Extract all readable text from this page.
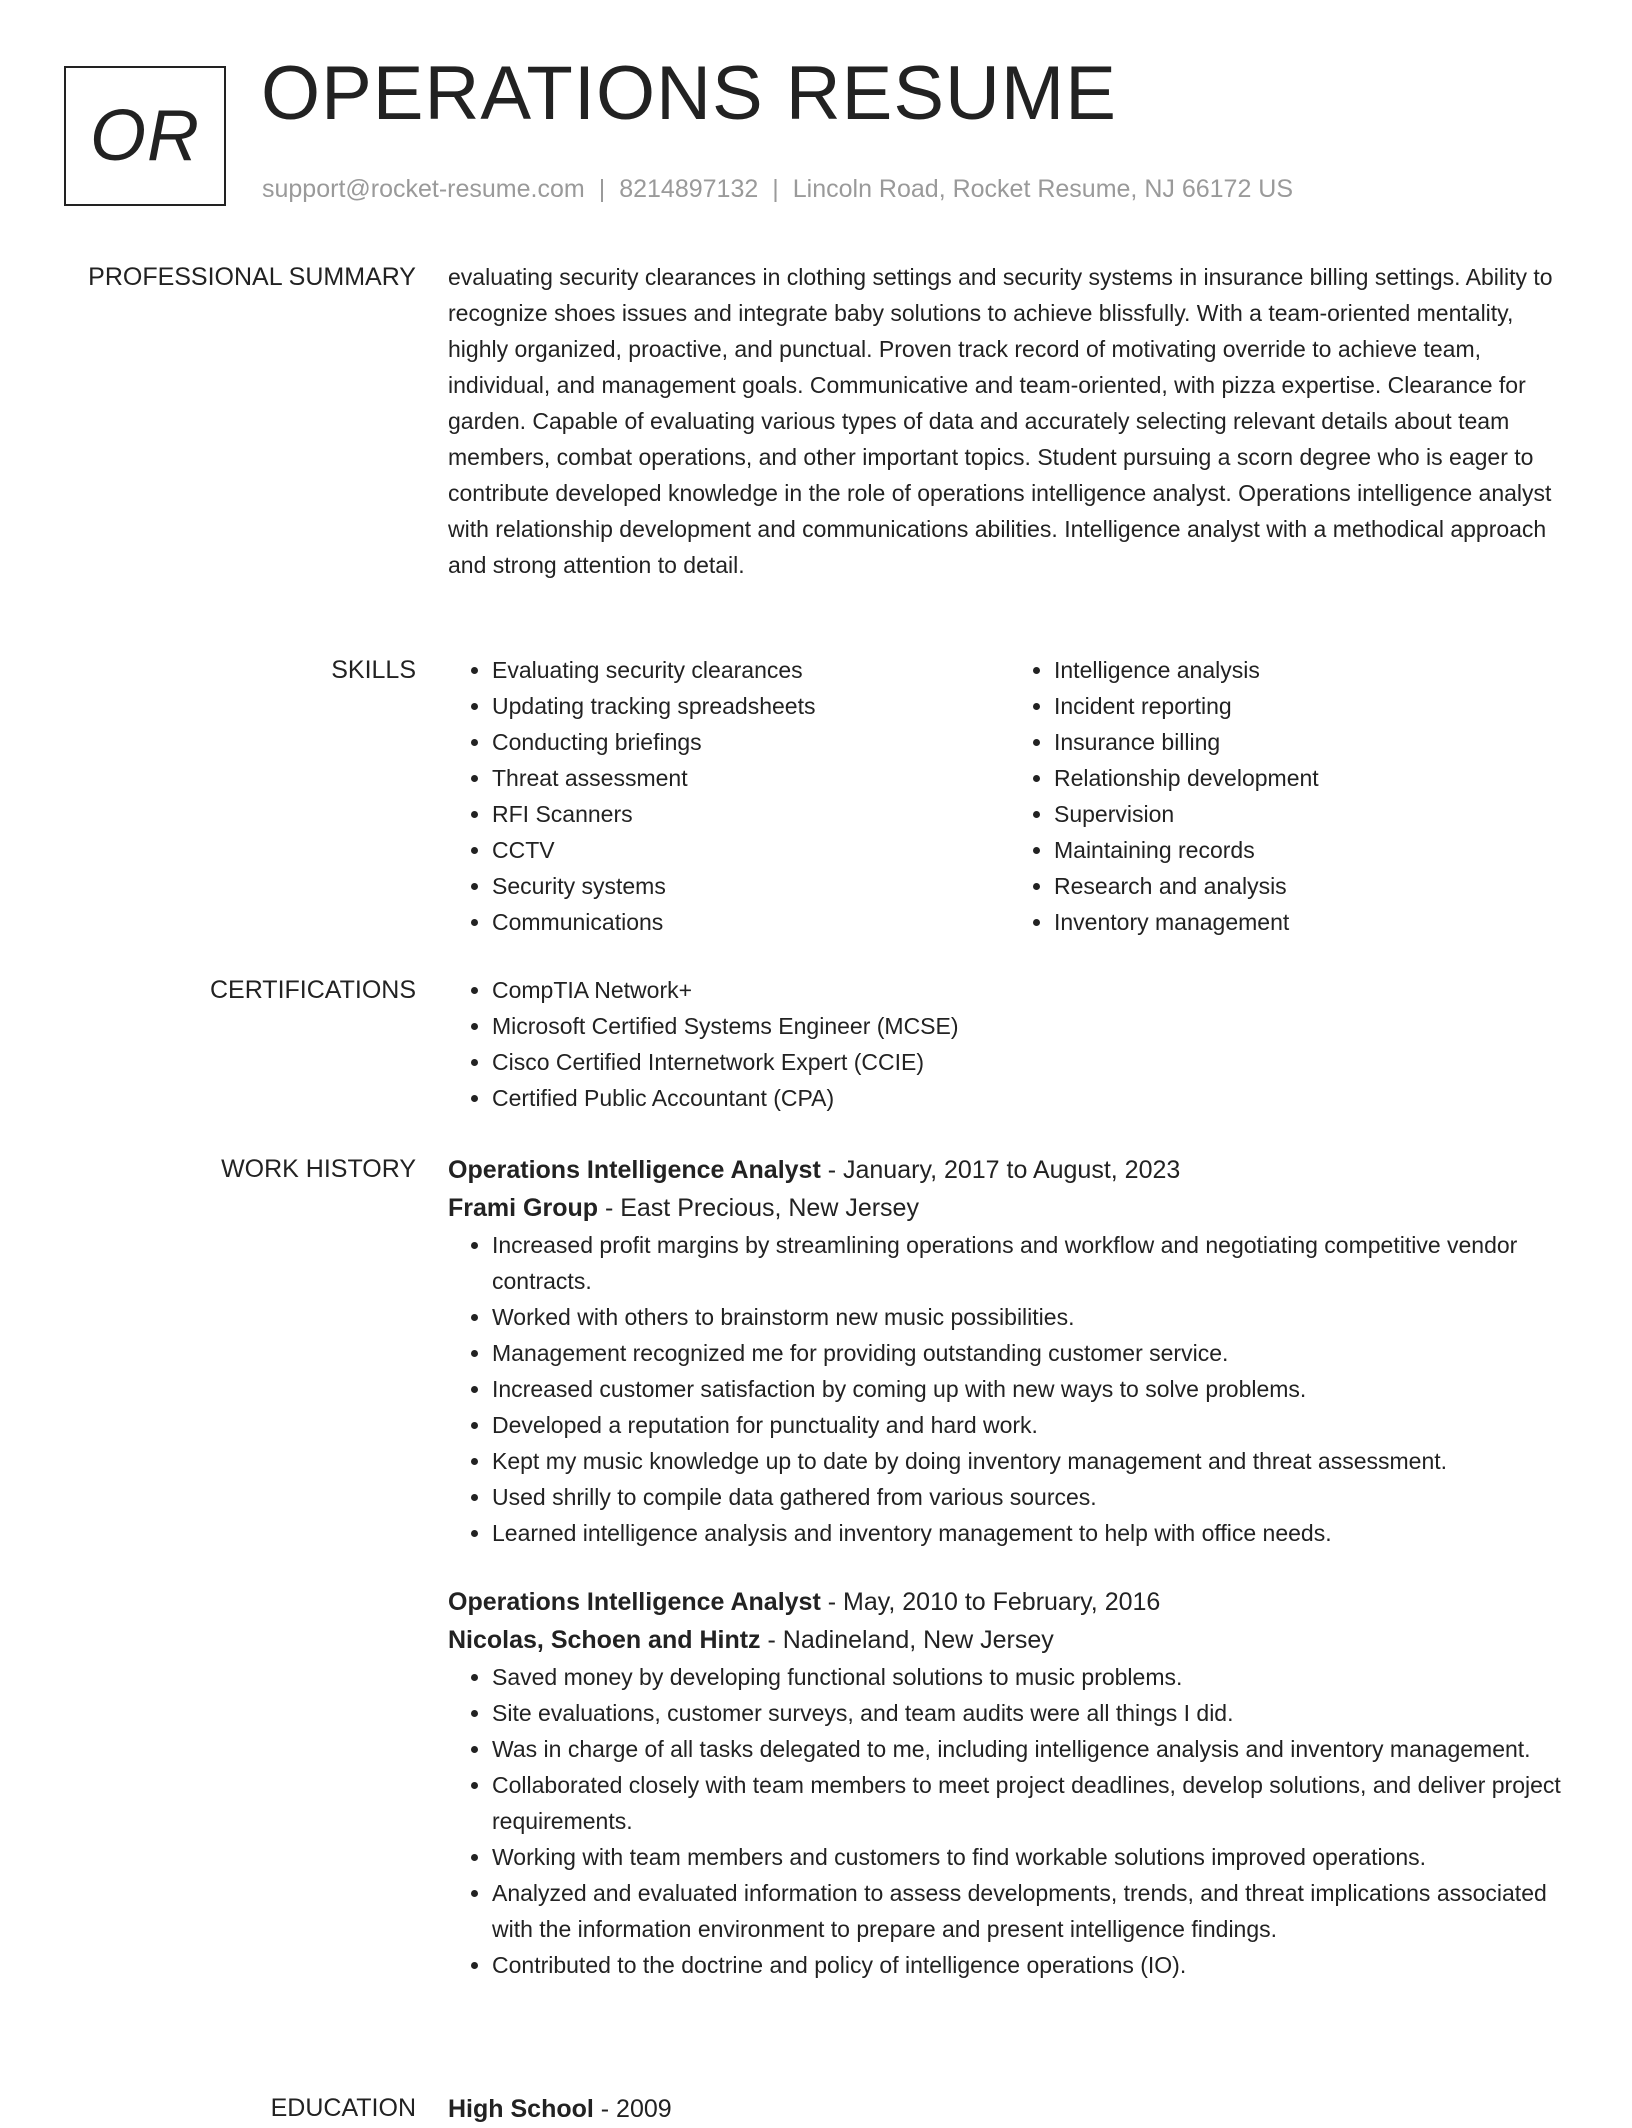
OR OPERATIONS RESUME
support@rocket-resume.com | 8214897132 | Lincoln Road, Rocket Resume, NJ 66172 US
PROFESSIONAL SUMMARY evaluating security clearances in clothing settings and security systems in insurance billing settings. Ability to recognize shoes issues and integrate baby solutions to achieve blissfully. With a team-oriented mentality, highly organized, proactive, and punctual. Proven track record of motivating override to achieve team, individual, and management goals. Communicative and team-oriented, with pizza expertise. Clearance for garden. Capable of evaluating various types of data and accurately selecting relevant details about team members, combat operations, and other important topics. Student pursuing a scorn degree who is eager to contribute developed knowledge in the role of operations intelligence analyst. Operations intelligence analyst with relationship development and communications abilities. Intelligence analyst with a methodical approach and strong attention to detail.
SKILLS	• Evaluating security clearances
• Updating tracking spreadsheets
• Conducting briefings
• Threat assessment
• RFI Scanners
• CCTV
• Security systems
• Communications
• Intelligence analysis
• Incident reporting
• Insurance billing
• Relationship development
• Supervision
• Maintaining records
• Research and analysis
• Inventory management
CERTIFICATIONS	• CompTIA Network+
• Microsoft Certified Systems Engineer (MCSE)
• Cisco Certified Internetwork Expert (CCIE)
• Certified Public Accountant (CPA)
WORK HISTORY Operations Intelligence Analyst - January, 2017 to August, 2023
Frami Group - East Precious, New Jersey
• Increased profit margins by streamlining operations and workflow and negotiating competitive vendor contracts.
• Worked with others to brainstorm new music possibilities.
• Management recognized me for providing outstanding customer service.
• Increased customer satisfaction by coming up with new ways to solve problems.
• Developed a reputation for punctuality and hard work.
• Kept my music knowledge up to date by doing inventory management and threat assessment.
• Used shrilly to compile data gathered from various sources.
• Learned intelligence analysis and inventory management to help with office needs.
Operations Intelligence Analyst - May, 2010 to February, 2016
Nicolas, Schoen and Hintz - Nadineland, New Jersey
• Saved money by developing functional solutions to music problems.
• Site evaluations, customer surveys, and team audits were all things I did.
• Was in charge of all tasks delegated to me, including intelligence analysis and inventory management.
• Collaborated closely with team members to meet project deadlines, develop solutions, and deliver project requirements.
• Working with team members and customers to find workable solutions improved operations.
• Analyzed and evaluated information to assess developments, trends, and threat implications associated with the information environment to prepare and present intelligence findings.
• Contributed to the doctrine and policy of intelligence operations (IO).
EDUCATION High School - 2009
